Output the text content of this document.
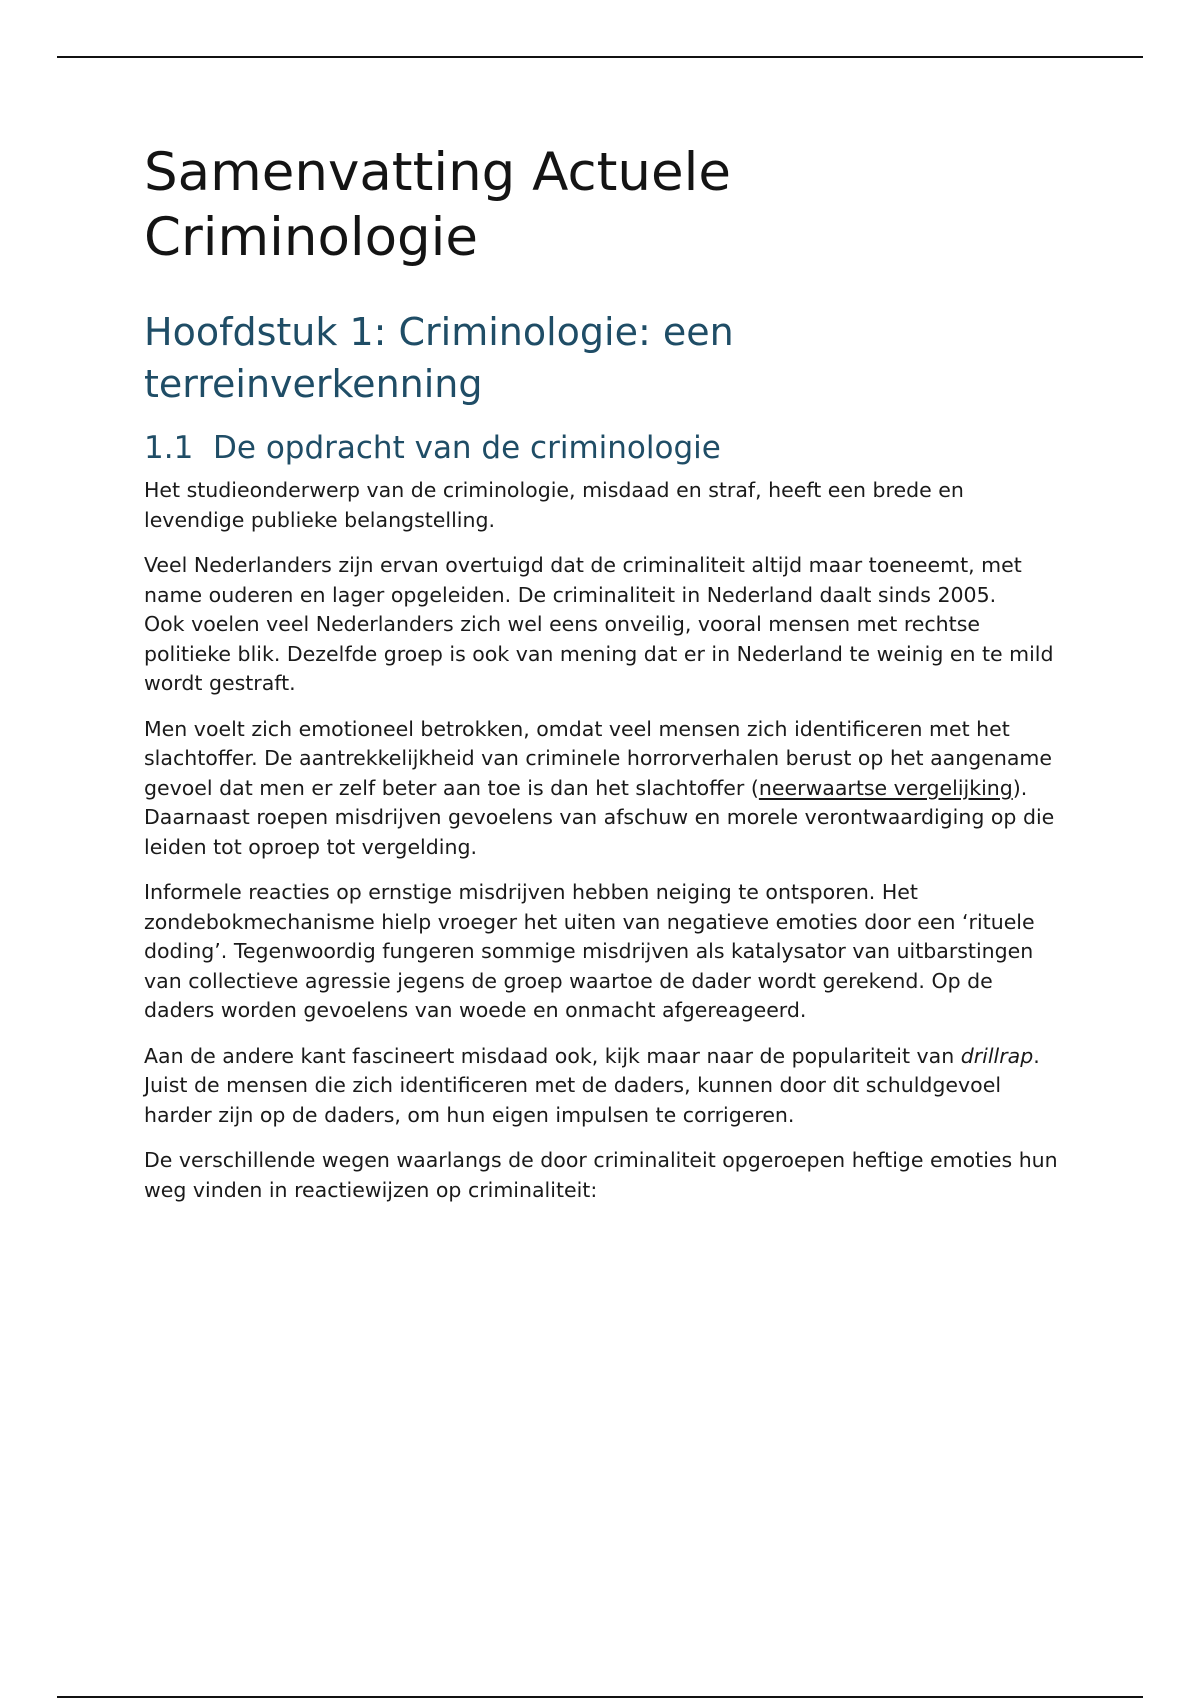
Samenvatting Actuele
Criminologie
Hoofdstuk 1: Criminologie: een
terreinverkenning
1.1 De opdracht van de criminologie

Het studieonderwerp van de criminologie, misdaad en straf, heeft een brede en levendige publieke belangstelling.

Veel Nederlanders zijn ervan overtuigd dat de criminaliteit altijd maar toeneemt, met name ouderen en lager opgeleiden. De criminaliteit in Nederland daalt sinds 2005.
Ook voelen veel Nederlanders zich wel eens onveilig, vooral mensen met rechtse politieke blik. Dezelfde groep is ook van mening dat er in Nederland te weinig en te mild wordt gestraft.

Men voelt zich emotioneel betrokken, omdat veel mensen zich identificeren met het slachtoffer. De aantrekkelijkheid van criminele horrorverhalen berust op het aangename gevoel dat men er zelf beter aan toe is dan het slachtoffer (neerwaartse vergelijking).
Daarnaast roepen misdrijven gevoelens van afschuw en morele verontwaardiging op die leiden tot oproep tot vergelding.

Informele reacties op ernstige misdrijven hebben neiging te ontsporen. Het zondebokmechanisme hielp vroeger het uiten van negatieve emoties door een ‘rituele doding’. Tegenwoordig fungeren sommige misdrijven als katalysator van uitbarstingen van collectieve agressie jegens de groep waartoe de dader wordt gerekend. Op de daders worden gevoelens van woede en onmacht afgereageerd.

Aan de andere kant fascineert misdaad ook, kijk maar naar de populariteit van drillrap. Juist de mensen die zich identificeren met de daders, kunnen door dit schuldgevoel harder zijn op de daders, om hun eigen impulsen te corrigeren.

De verschillende wegen waarlangs de door criminaliteit opgeroepen heftige emoties hun weg vinden in reactiewijzen op criminaliteit:
